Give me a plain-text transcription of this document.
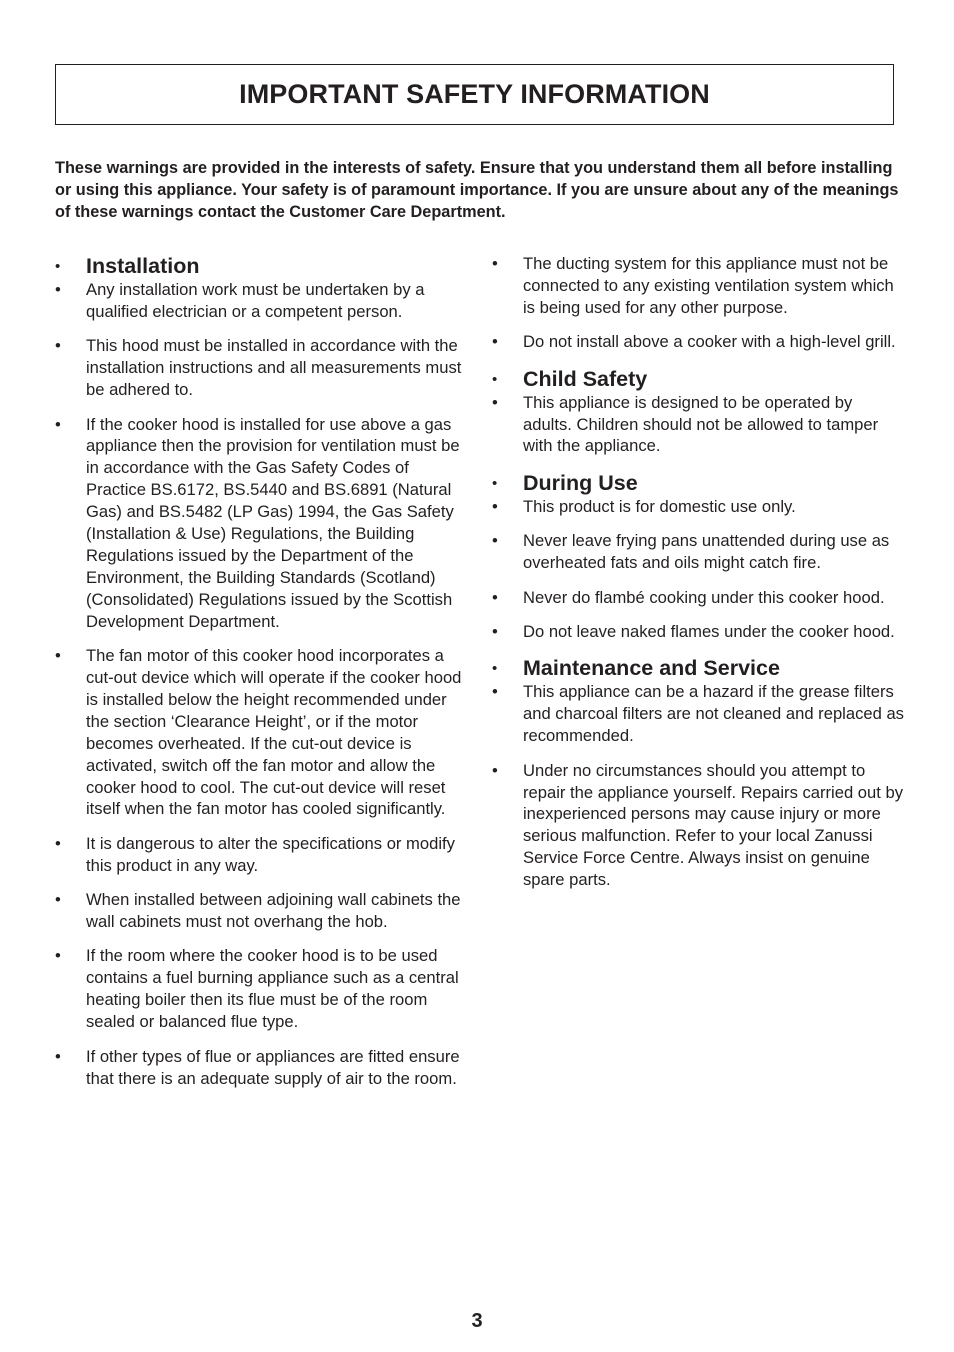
IMPORTANT SAFETY INFORMATION

These warnings are provided in the interests of safety. Ensure that you understand them all before installing or using this appliance. Your safety is of paramount importance. If you are unsure about any of the meanings of these warnings contact the Customer Care Department.

• Installation
• Any installation work must be undertaken by a qualified electrician or a competent person.
• This hood must be installed in accordance with the installation instructions and all measurements must be adhered to.
• If the cooker hood is installed for use above a gas appliance then the provision for ventilation must be in accordance with the Gas Safety Codes of Practice BS.6172, BS.5440 and BS.6891 (Natural Gas) and BS.5482 (LP Gas) 1994, the Gas Safety (Installation & Use) Regulations, the Building Regulations issued by the Department of the Environment, the Building Standards (Scotland) (Consolidated) Regulations issued by the Scottish Development Department.
• The fan motor of this cooker hood incorporates a cut-out device which will operate if the cooker hood is installed below the height recommended under the section ‘Clearance Height’, or if the motor becomes overheated. If the cut-out device is activated, switch off the fan motor and allow the cooker hood to cool. The cut-out device will reset itself when the fan motor has cooled significantly.
• It is dangerous to alter the specifications or modify this product in any way.
• When installed between adjoining wall cabinets the wall cabinets must not overhang the hob.
• If the room where the cooker hood is to be used contains a fuel burning appliance such as a central heating boiler then its flue must be of the room sealed or balanced flue type.
• If other types of flue or appliances are fitted ensure that there is an adequate supply of air to the room.
• The ducting system for this appliance must not be connected to any existing ventilation system which is being used for any other purpose.
• Do not install above a cooker with a high-level grill.
• Child Safety
• This appliance is designed to be operated by adults. Children should not be allowed to tamper with the appliance.
• During Use
• This product is for domestic use only.
• Never leave frying pans unattended during use as overheated fats and oils might catch fire.
• Never do flambé cooking under this cooker hood.
• Do not leave naked flames under the cooker hood.
• Maintenance and Service
• This appliance can be a hazard if the grease filters and charcoal filters are not cleaned and replaced as recommended.
• Under no circumstances should you attempt to repair the appliance yourself. Repairs carried out by inexperienced persons may cause injury or more serious malfunction. Refer to your local Zanussi Service Force Centre. Always insist on genuine spare parts.
3
